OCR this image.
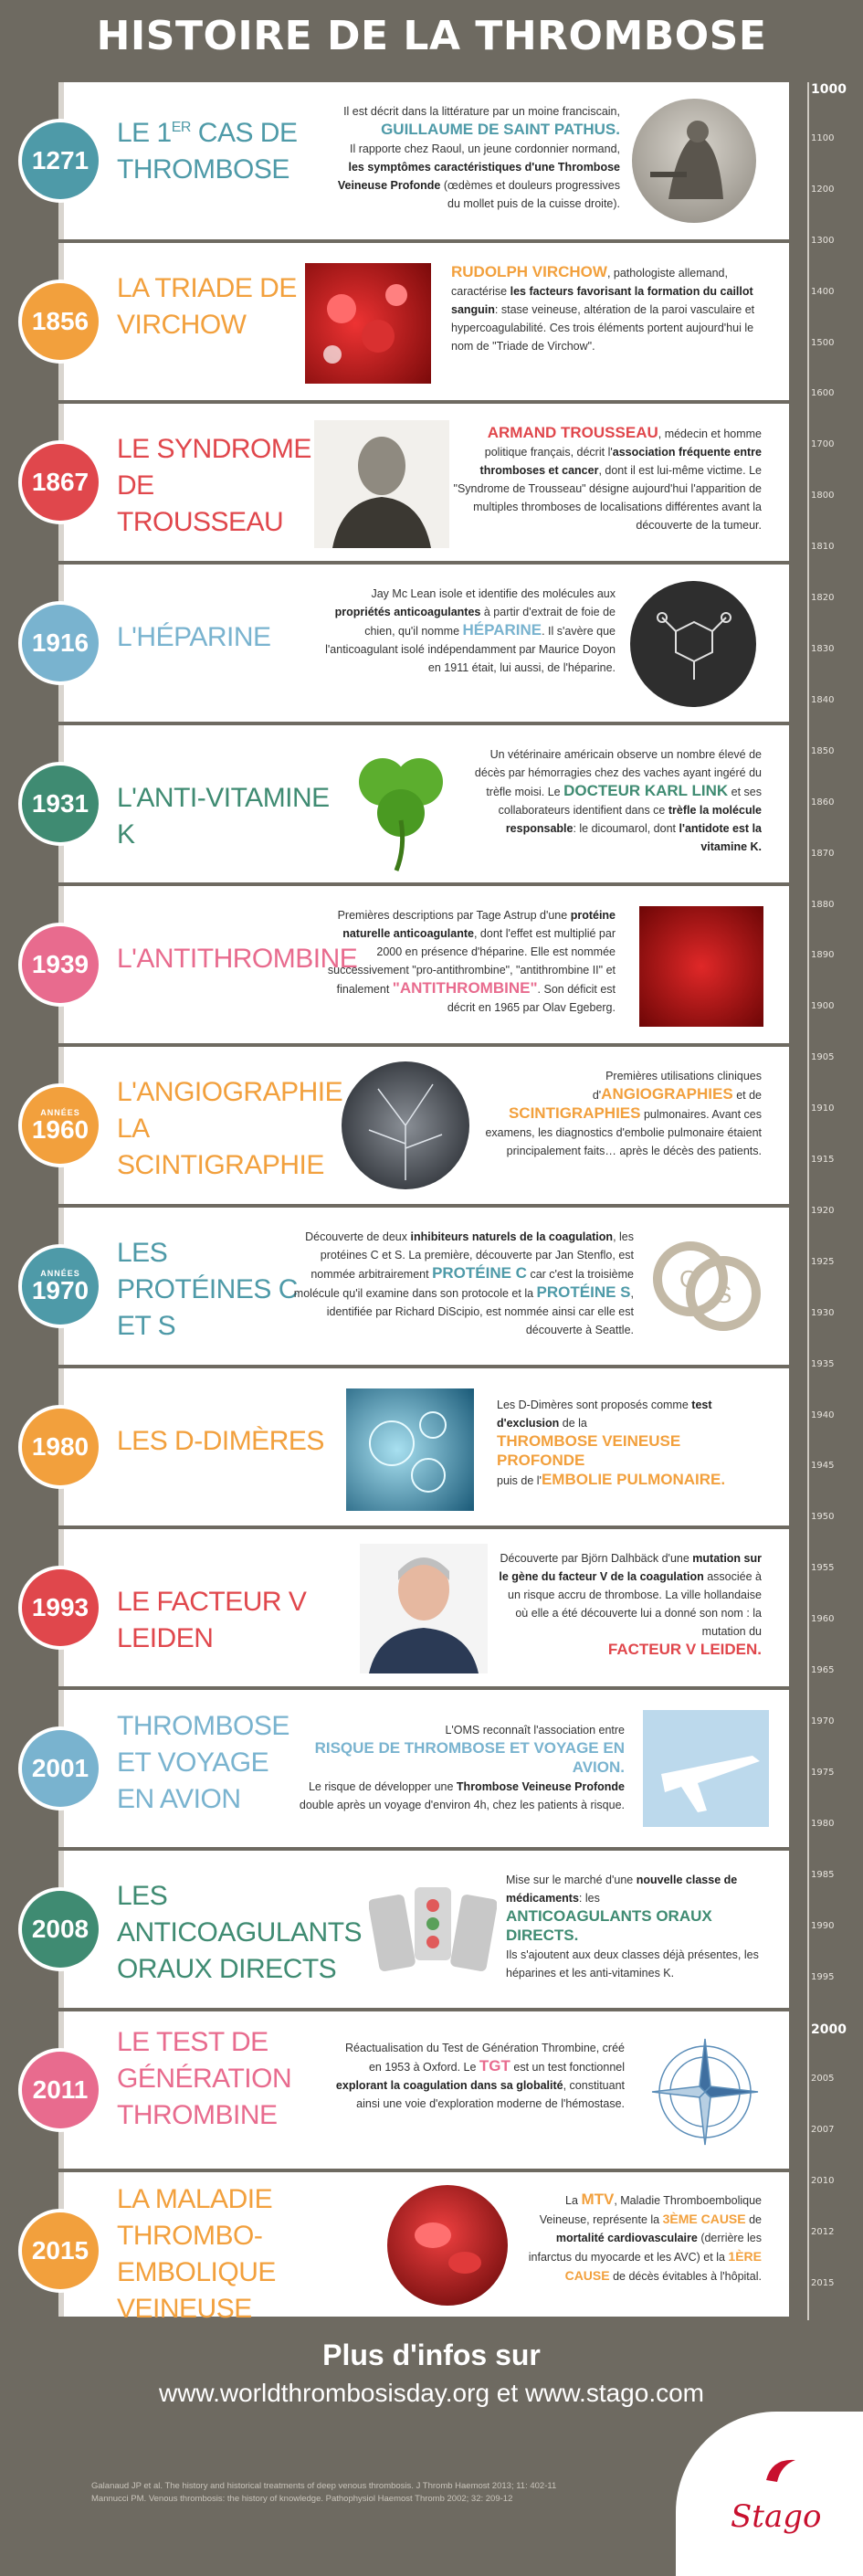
HISTOIRE DE LA THROMBOSE
1000
1100
1200
1300
1400
1500
1600
1700
1800
1810
1820
1830
1840
1850
1860
1870
1880
1890
1900
1905
1910
1915
1920
1925
1930
1935
1940
1945
1950
1955
1960
1965
1970
1975
1980
1985
1990
1995
2000
2005
2007
2010
2012
2015
1271
LE 1ER CAS DE
THROMBOSE
Il est décrit dans la littérature par un moine franciscain,
GUILLAUME DE SAINT PATHUS.
Il rapporte chez Raoul, un jeune cordonnier normand, les symptômes caractéristiques d'une Thrombose Veineuse Profonde (œdèmes et douleurs progressives du mollet puis de la cuisse droite).
1856
LA TRIADE DE VIRCHOW
RUDOLPH VIRCHOW, pathologiste allemand, caractérise les facteurs favorisant la formation du caillot sanguin: stase veineuse, altération de la paroi vasculaire et hypercoagulabilité. Ces trois éléments portent aujourd'hui le nom de "Triade de Virchow".
1867
LE SYNDROME DE TROUSSEAU
ARMAND TROUSSEAU, médecin et homme politique français, décrit l'association fréquente entre thromboses et cancer, dont il est lui-même victime. Le "Syndrome de Trousseau" désigne aujourd'hui l'apparition de multiples thromboses de localisations différentes avant la découverte de la tumeur.
1916 L'HÉPARINE
Jay Mc Lean isole et identifie des molécules aux propriétés anticoagulantes à partir d'extrait de foie de chien, qu'il nomme HÉPARINE. Il s'avère que l'anticoagulant isolé indépendamment par Maurice Doyon en 1911 était, lui aussi, de l'héparine.
1931 L'ANTI-VITAMINE K
Un vétérinaire américain observe un nombre élevé de décès par hémorragies chez des vaches ayant ingéré du trèfle moisi. Le DOCTEUR KARL LINK et ses collaborateurs identifient dans ce trèfle la molécule responsable: le dicoumarol, dont l'antidote est la vitamine K.
1939 L'ANTITHROMBINE
Premières descriptions par Tage Astrup d'une protéine naturelle anticoagulante, dont l'effet est multiplié par 2000 en présence d'héparine. Elle est nommée successivement "pro-antithrombine", "antithrombine II" et finalement "ANTITHROMBINE". Son déficit est décrit en 1965 par Olav Egeberg.
ANNÉES
1960
L'ANGIOGRAPHIE LA SCINTIGRAPHIE
Premières utilisations cliniques d'ANGIOGRAPHIES et de SCINTIGRAPHIES pulmonaires. Avant ces examens, les diagnostics d'embolie pulmonaire étaient principalement faits… après le décès des patients.
ANNÉES
1970
LES PROTÉINES C ET S
Découverte de deux inhibiteurs naturels de la coagulation, les protéines C et S. La première, découverte par Jan Stenflo, est nommée arbitrairement PROTÉINE C car c'est la troisième molécule qu'il examine dans son protocole et la PROTÉINE S, identifiée par Richard DiScipio, est nommée ainsi car elle est découverte à Seattle.
C
S
1980 LES D-DIMÈRES
Les D-Dimères sont proposés comme test d'exclusion de la
THROMBOSE VEINEUSE PROFONDE
puis de l'EMBOLIE PULMONAIRE.
1993 LE FACTEUR V LEIDEN
Découverte par Björn Dalhbäck d'une mutation sur le gène du facteur V de la coagulation associée à un risque accru de thrombose. La ville hollandaise où elle a été découverte lui a donné son nom : la mutation du
FACTEUR V LEIDEN.
2001
THROMBOSE ET VOYAGE EN AVION
L'OMS reconnaît l'association entre
RISQUE DE THROMBOSE ET VOYAGE EN AVION.
Le risque de développer une Thrombose Veineuse Profonde double après un voyage d'environ 4h, chez les patients à risque.
2008
LES ANTICOAGULANTS ORAUX DIRECTS
Mise sur le marché d'une nouvelle classe de médicaments: les
ANTICOAGULANTS ORAUX DIRECTS.
Ils s'ajoutent aux deux classes déjà présentes, les héparines et les anti-vitamines K.
2011
LE TEST DE GÉNÉRATION THROMBINE
Réactualisation du Test de Génération Thrombine, créé en 1953 à Oxford. Le TGT est un test fonctionnel explorant la coagulation dans sa globalité, constituant ainsi une voie d'exploration moderne de l'hémostase.
2015
LA MALADIE THROMBO-EMBOLIQUE VEINEUSE
La MTV, Maladie Thromboembolique Veineuse, représente la 3ÈME CAUSE de mortalité cardiovasculaire (derrière les infarctus du myocarde et les AVC) et la 1ÈRE CAUSE de décès évitables à l'hôpital.
Plus d'infos sur
www.worldthrombosisday.org et www.stago.com
Galanaud JP et al. The history and historical treatments of deep venous thrombosis. J Thromb Haemost 2013; 11: 402-11
Mannucci PM. Venous thrombosis: the history of knowledge. Pathophysiol Haemost Thromb 2002; 32: 209-12	Stago
